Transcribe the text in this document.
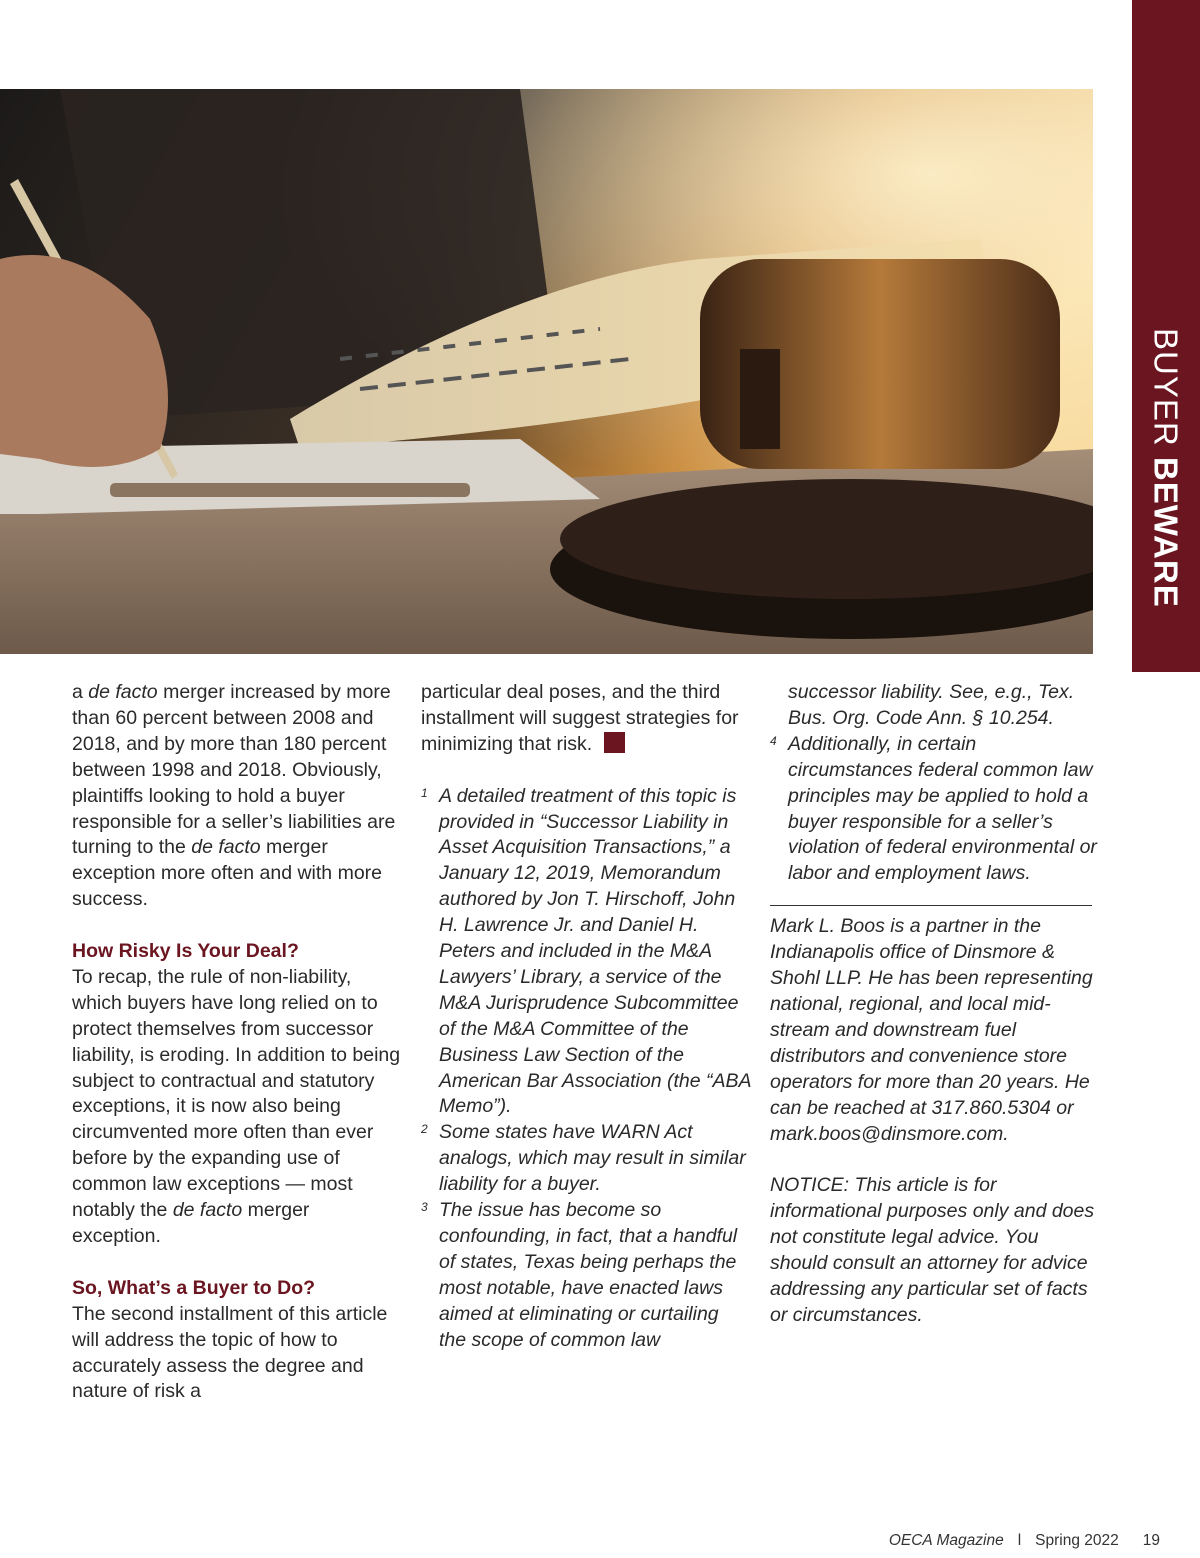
BUYER BEWARE

a de facto merger increased by more than 60 percent between 2008 and 2018, and by more than 180 percent between 1998 and 2018. Obviously, plaintiffs looking to hold a buyer responsible for a seller’s liabilities are turning to the de facto merger exception more often and with more success.

How Risky Is Your Deal?

To recap, the rule of non-liability, which buyers have long relied on to protect themselves from successor liability, is eroding. In addition to being subject to contractual and statutory exceptions, it is now also being circumvented more often than ever before by the expanding use of common law exceptions — most notably the de facto merger exception.

So, What’s a Buyer to Do?

The second installment of this article will address the topic of how to accurately assess the degree and nature of risk a

particular deal poses, and the third installment will suggest strategies for minimizing that risk.

1 A detailed treatment of this topic is provided in “Successor Liability in Asset Acquisition Transactions,” a January 12, 2019, Memorandum authored by Jon T. Hirschoff, John H. Lawrence Jr. and Daniel H. Peters and included in the M&A Lawyers’ Library, a service of the M&A Jurisprudence Subcommittee of the M&A Committee of the Business Law Section of the American Bar Association (the “ABA Memo”).

2 Some states have WARN Act analogs, which may result in similar liability for a buyer.

3 The issue has become so confounding, in fact, that a handful of states, Texas being perhaps the most notable, have enacted laws aimed at eliminating or curtailing the scope of common law

successor liability. See, e.g., Tex. Bus. Org. Code Ann. § 10.254.

4 Additionally, in certain circumstances federal common law principles may be applied to hold a buyer responsible for a seller’s violation of federal environmental or labor and employment laws.

Mark L. Boos is a partner in the Indianapolis office of Dinsmore & Shohl LLP. He has been representing national, regional, and local mid-stream and downstream fuel distributors and convenience store operators for more than 20 years. He can be reached at 317.860.5304 or mark.boos@dinsmore.com.

NOTICE: This article is for informational purposes only and does not constitute legal advice. You should consult an attorney for advice addressing any particular set of facts or circumstances.

OECA Magazine l Spring 2022 19
